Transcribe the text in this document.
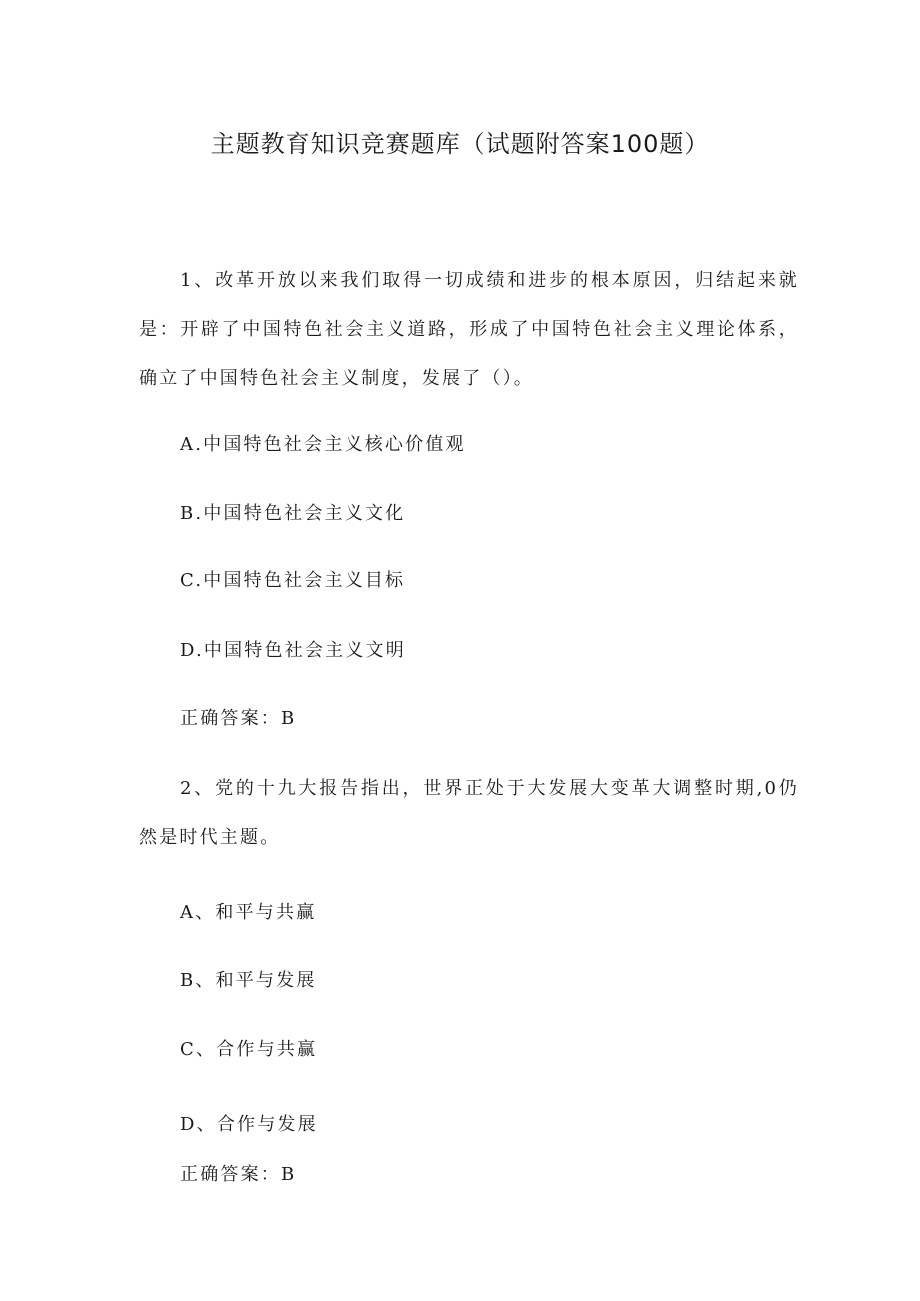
主题教育知识竞赛题库（试题附答案100题）
1、改革开放以来我们取得一切成绩和进步的根本原因，归结起来就
是：开辟了中国特色社会主义道路，形成了中国特色社会主义理论体系，
确立了中国特色社会主义制度，发展了（）。
A.中国特色社会主义核心价值观
B.中国特色社会主义文化
C.中国特色社会主义目标
D.中国特色社会主义文明
正确答案：B
2、党的十九大报告指出，世界正处于大发展大变革大调整时期,0仍
然是时代主题。
A、和平与共赢
B、和平与发展
C、合作与共赢
D、合作与发展
正确答案：B
